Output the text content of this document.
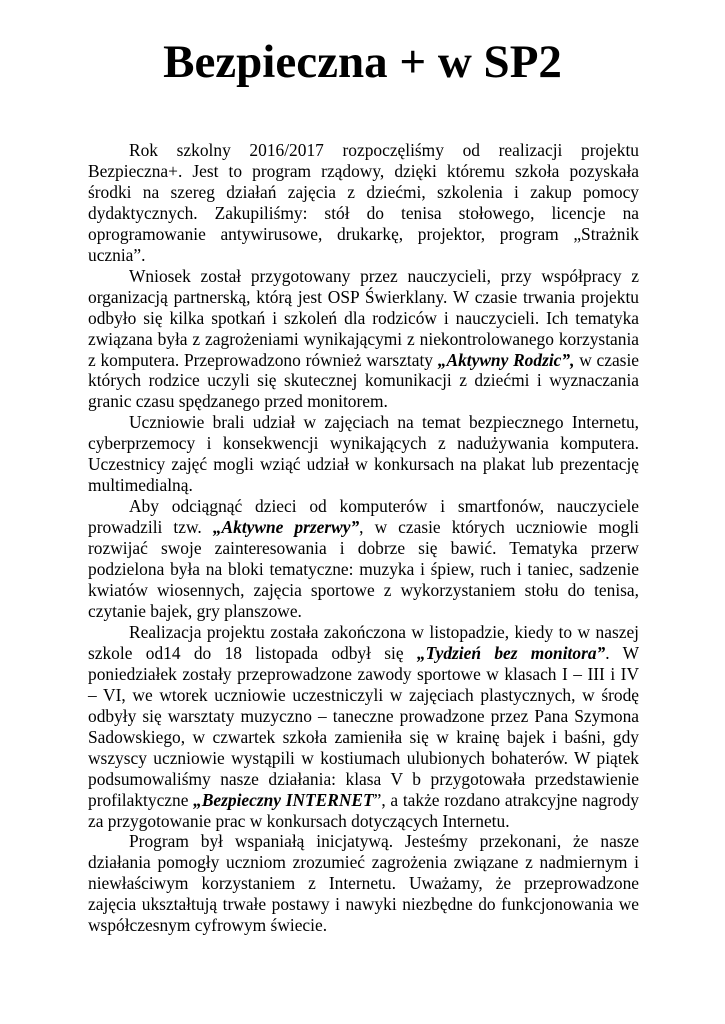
Bezpieczna + w SP2

Rok szkolny 2016/2017 rozpoczęliśmy od realizacji projektu Bezpieczna+. Jest to program rządowy, dzięki któremu szkoła pozyskała środki na szereg działań zajęcia z dziećmi, szkolenia i zakup pomocy dydaktycznych. Zakupiliśmy: stół do tenisa stołowego, licencje na oprogramowanie antywirusowe, drukarkę, projektor, program „Strażnik ucznia”.

Wniosek został przygotowany przez nauczycieli, przy współpracy z organizacją partnerską, którą jest OSP Świerklany. W czasie trwania projektu odbyło się kilka spotkań i szkoleń dla rodziców i nauczycieli. Ich tematyka związana była z zagrożeniami wynikającymi z niekontrolowanego korzystania z komputera. Przeprowadzono również warsztaty „Aktywny Rodzic”, w czasie których rodzice uczyli się skutecznej komunikacji z dziećmi i wyznaczania granic czasu spędzanego przed monitorem.

Uczniowie brali udział w zajęciach na temat bezpiecznego Internetu, cyberprzemocy i konsekwencji wynikających z nadużywania komputera. Uczestnicy zajęć mogli wziąć udział w konkursach na plakat lub prezentację multimedialną.

Aby odciągnąć dzieci od komputerów i smartfonów, nauczyciele prowadzili tzw. „Aktywne przerwy”, w czasie których uczniowie mogli rozwijać swoje zainteresowania i dobrze się bawić. Tematyka przerw podzielona była na bloki tematyczne: muzyka i śpiew, ruch i taniec, sadzenie kwiatów wiosennych, zajęcia sportowe z wykorzystaniem stołu do tenisa, czytanie bajek, gry planszowe.

Realizacja projektu została zakończona w listopadzie, kiedy to w naszej szkole od14 do 18 listopada odbył się „Tydzień bez monitora”. W poniedziałek zostały przeprowadzone zawody sportowe w klasach I – III i IV – VI, we wtorek uczniowie uczestniczyli w zajęciach plastycznych, w środę odbyły się warsztaty muzyczno – taneczne prowadzone przez Pana Szymona Sadowskiego, w czwartek szkoła zamieniła się w krainę bajek i baśni, gdy wszyscy uczniowie wystąpili w kostiumach ulubionych bohaterów. W piątek podsumowaliśmy nasze działania: klasa V b przygotowała przedstawienie profilaktyczne „Bezpieczny INTERNET”, a także rozdano atrakcyjne nagrody za przygotowanie prac w konkursach dotyczących Internetu.

Program był wspaniałą inicjatywą. Jesteśmy przekonani, że nasze działania pomogły uczniom zrozumieć zagrożenia związane z nadmiernym i niewłaściwym korzystaniem z Internetu. Uważamy, że przeprowadzone zajęcia ukształtują trwałe postawy i nawyki niezbędne do funkcjonowania we współczesnym cyfrowym świecie.
